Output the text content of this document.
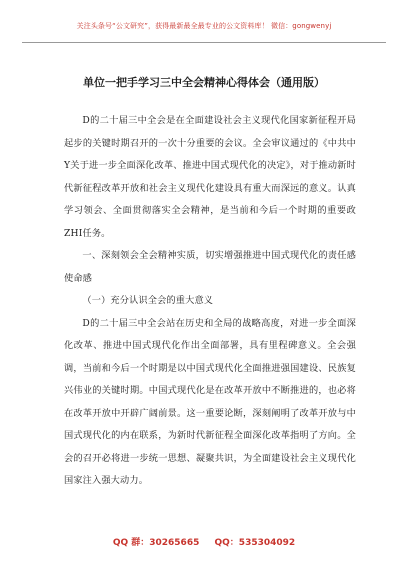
关注头条号“公文研究”，获得最新最全最专业的公文资料库！ 微信：gongwenyj
单位一把手学习三中全会精神心得体会（通用版）

D的二十届三中全会是在全面建设社会主义现代化国家新征程开局起步的关键时期召开的一次十分重要的会议。全会审议通过的《中共中Y关于进一步全面深化改革、推进中国式现代化的决定》，对于推动新时代新征程改革开放和社会主义现代化建设具有重大而深远的意义。认真学习领会、全面贯彻落实全会精神，是当前和今后一个时期的重要政ZHI任务。

一、深刻领会全会精神实质，切实增强推进中国式现代化的责任感使命感

（一）充分认识全会的重大意义

D的二十届三中全会站在历史和全局的战略高度，对进一步全面深化改革、推进中国式现代化作出全面部署，具有里程碑意义。全会强调，当前和今后一个时期是以中国式现代化全面推进强国建设、民族复兴伟业的关键时期。中国式现代化是在改革开放中不断推进的，也必将在改革开放中开辟广阔前景。这一重要论断，深刻阐明了改革开放与中国式现代化的内在联系，为新时代新征程全面深化改革指明了方向。全会的召开必将进一步统一思想、凝聚共识，为全面建设社会主义现代化国家注入强大动力。

QQ 群：30265665 QQ：535304092
